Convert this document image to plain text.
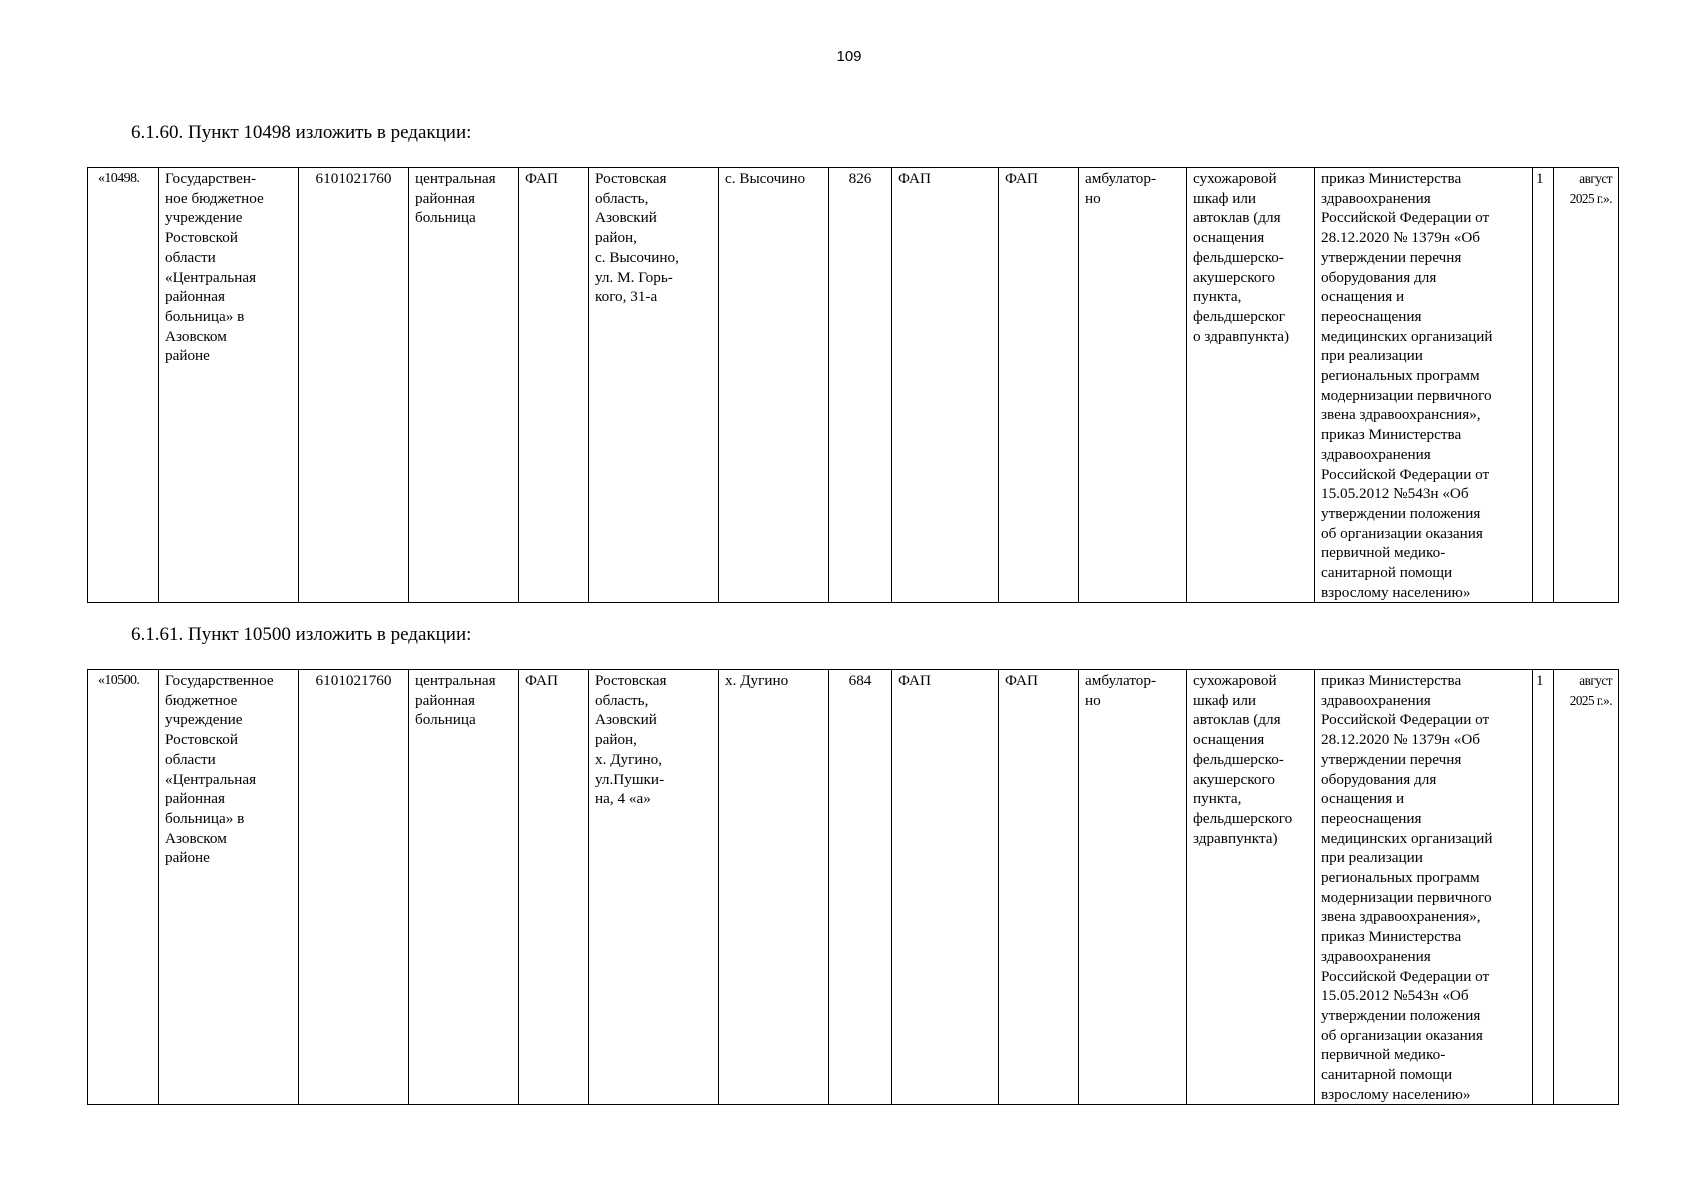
109
6.1.60. Пункт 10498 изложить в редакции:
«10498.	Государствен-
ное бюджетное
учреждение
Ростовской
области
«Центральная
районная
больница» в
Азовском
районе	6101021760	центральная
районная
больница	ФАП	Ростовская
область,
Азовский
район,
с. Высочино,
ул. М. Горь-
кого, 31-а	с. Высочино	826	ФАП	ФАП	амбулатор-
но	сухожаровой
шкаф или
автоклав (для
оснащения
фельдшерско-
акушерского
пункта,
фельдшерског
о здравпункта)	приказ Министерства
здравоохранения
Российской Федерации от
28.12.2020 № 1379н «Об
утверждении перечня
оборудования для
оснащения и
переоснащения
медицинских организаций
при реализации
региональных программ
модернизации первичного
звена здравоохрансния»,
приказ Министерства
здравоохранения
Российской Федерации от
15.05.2012 №543н «Об
утверждении положения
об организации оказания
первичной медико-
санитарной помощи
взрослому населению»	1	август
2025 г.».
6.1.61. Пункт 10500 изложить в редакции:
«10500.	Государственное
бюджетное
учреждение
Ростовской
области
«Центральная
районная
больница» в
Азовском
районе	6101021760	центральная
районная
больница	ФАП	Ростовская
область,
Азовский
район,
х. Дугино,
ул.Пушки-
на, 4 «а»	х. Дугино	684	ФАП	ФАП	амбулатор-
но	сухожаровой
шкаф или
автоклав (для
оснащения
фельдшерско-
акушерского
пункта,
фельдшерского
здравпункта)	приказ Министерства
здравоохранения
Российской Федерации от
28.12.2020 № 1379н «Об
утверждении перечня
оборудования для
оснащения и
переоснащения
медицинских организаций
при реализации
региональных программ
модернизации первичного
звена здравоохранения»,
приказ Министерства
здравоохранения
Российской Федерации от
15.05.2012 №543н «Об
утверждении положения
об организации оказания
первичной медико-
санитарной помощи
взрослому населению»	1	август
2025 г.».
